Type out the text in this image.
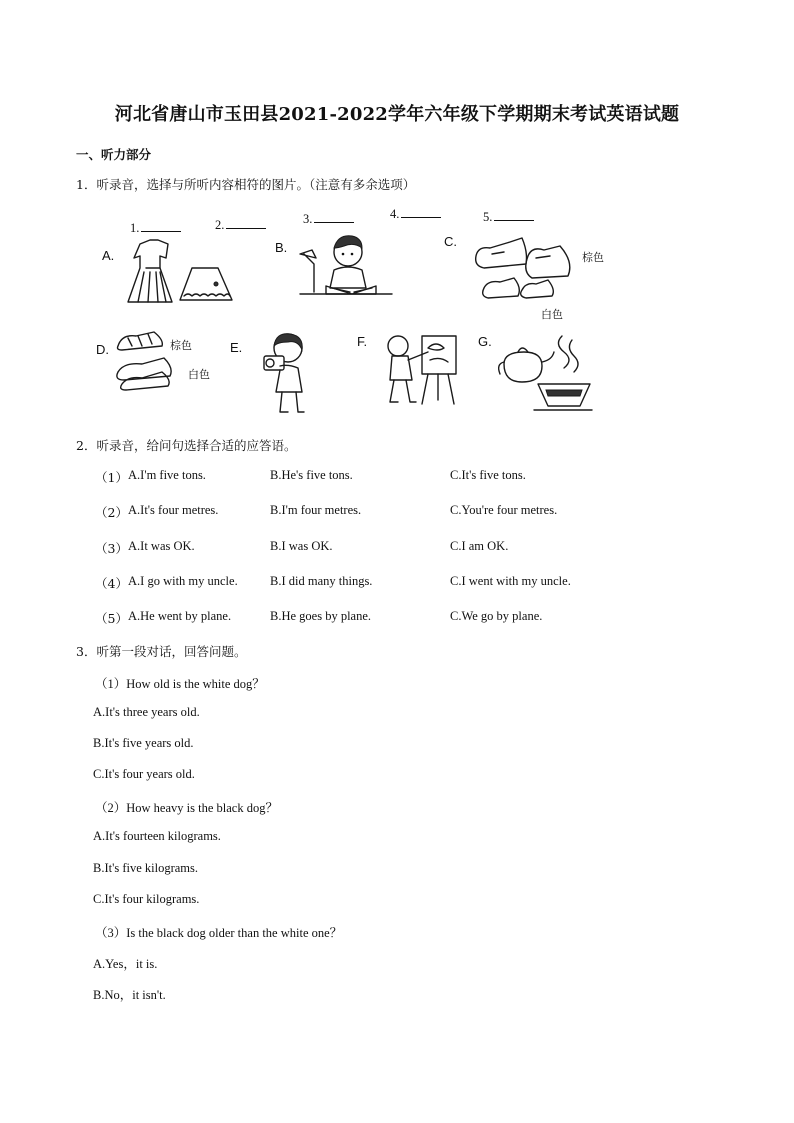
河北省唐山市玉田县2021-2022学年六年级下学期期末考试英语试题
一、听力部分
1．听录音，选择与所听内容相符的图片。（注意有多余选项）
1.	2.	3.	4.	5.
A.
B.	C.
棕色
白色
D.	棕色
白色
E.	F.	G.
2．听录音，给问句选择合适的应答语。
（1） A.I'm five tons.	B.He's five tons.	C.It's five tons.
（2） A.It's four metres.	B.I'm four metres.	C.You're four metres.
（3） A.It was OK.	B.I was OK.	C.I am OK.
（4） A.I go with my uncle.	B.I did many things.	C.I went with my uncle.
（5） A.He went by plane.	B.He goes by plane.	C.We go by plane.
3．听第一段对话，回答问题。
（1）How old is the white dog？
A.It's three years old.
B.It's five years old.
C.It's four years old.
（2）How heavy is the black dog？
A.It's fourteen kilograms.
B.It's five kilograms.
C.It's four kilograms.
（3）Is the black dog older than the white one？
A.Yes，it is.
B.No，it isn't.
